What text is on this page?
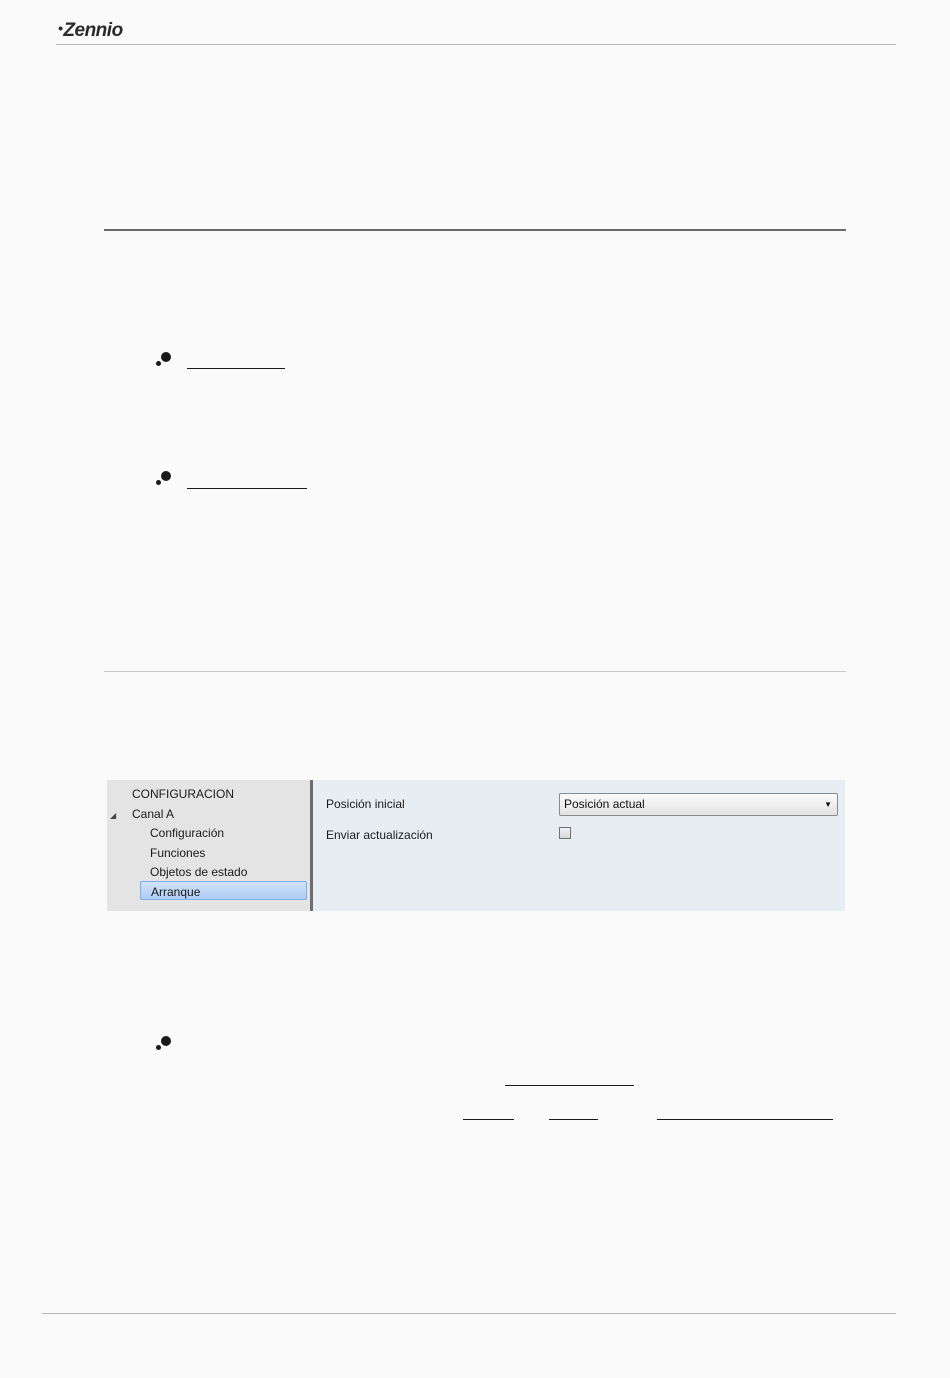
•Zennio
CONFIGURACION
◢ Canal A
Configuración
Funciones
Objetos de estado
Arranque
Posición inicial	Posición actual	▼
Enviar actualización
